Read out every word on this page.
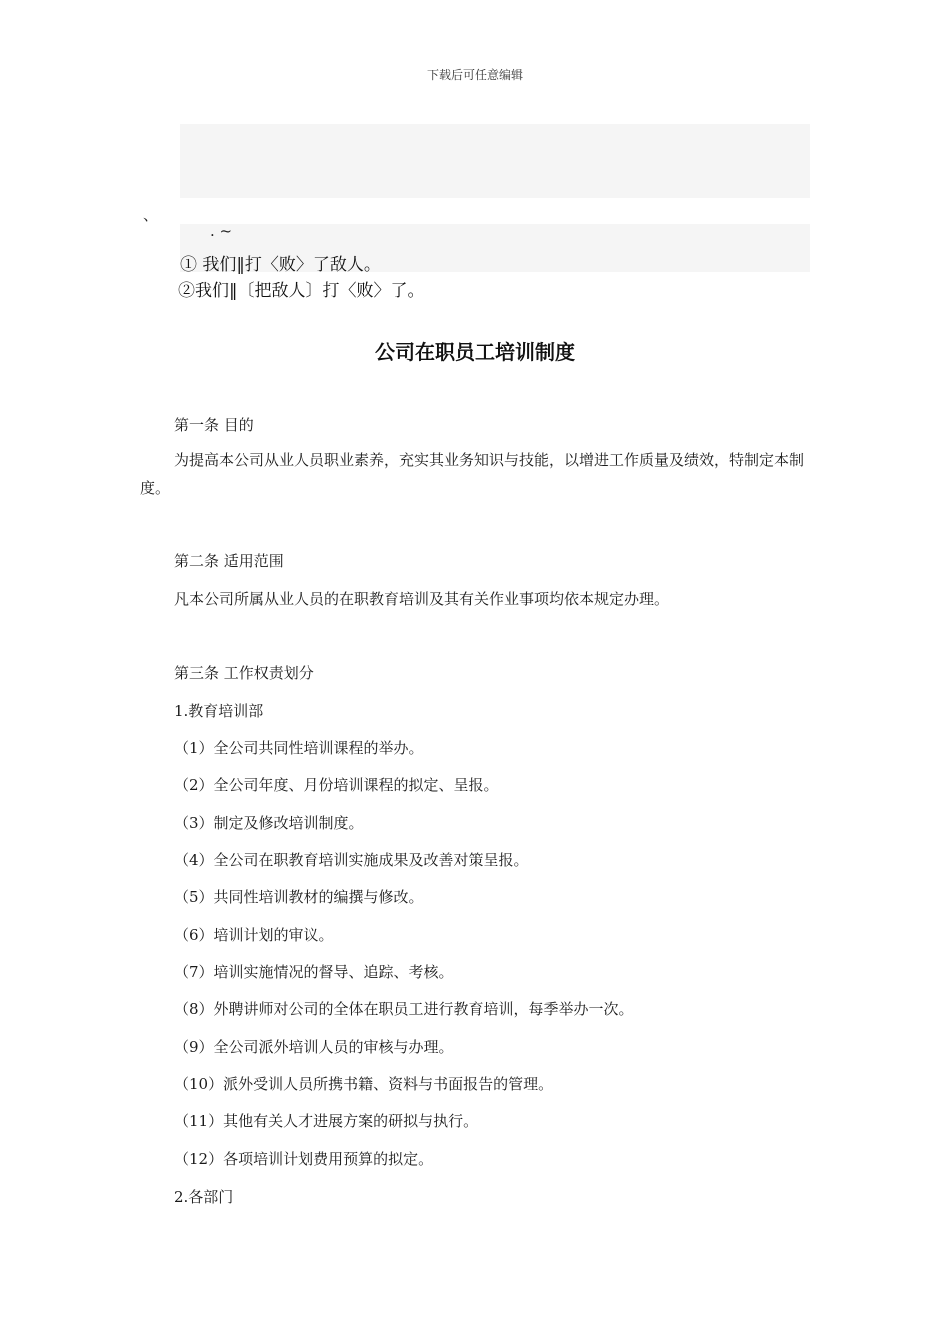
下载后可任意编辑
、
. ~
① 我们‖打〈败〉了敌人。
②我们‖〔把敌人〕打〈败〉了。
公司在职员工培训制度
第一条 目的
为提高本公司从业人员职业素养，充实其业务知识与技能，以增进工作质量及绩效，特制定本制度。
第二条 适用范围
凡本公司所属从业人员的在职教育培训及其有关作业事项均依本规定办理。
第三条 工作权责划分
1.教育培训部
（1）全公司共同性培训课程的举办。
（2）全公司年度、月份培训课程的拟定、呈报。
（3）制定及修改培训制度。
（4）全公司在职教育培训实施成果及改善对策呈报。
（5）共同性培训教材的编撰与修改。
（6）培训计划的审议。
（7）培训实施情况的督导、追踪、考核。
（8）外聘讲师对公司的全体在职员工进行教育培训，每季举办一次。
（9）全公司派外培训人员的审核与办理。
（10）派外受训人员所携书籍、资料与书面报告的管理。
（11）其他有关人才进展方案的研拟与执行。
（12）各项培训计划费用预算的拟定。
2.各部门
